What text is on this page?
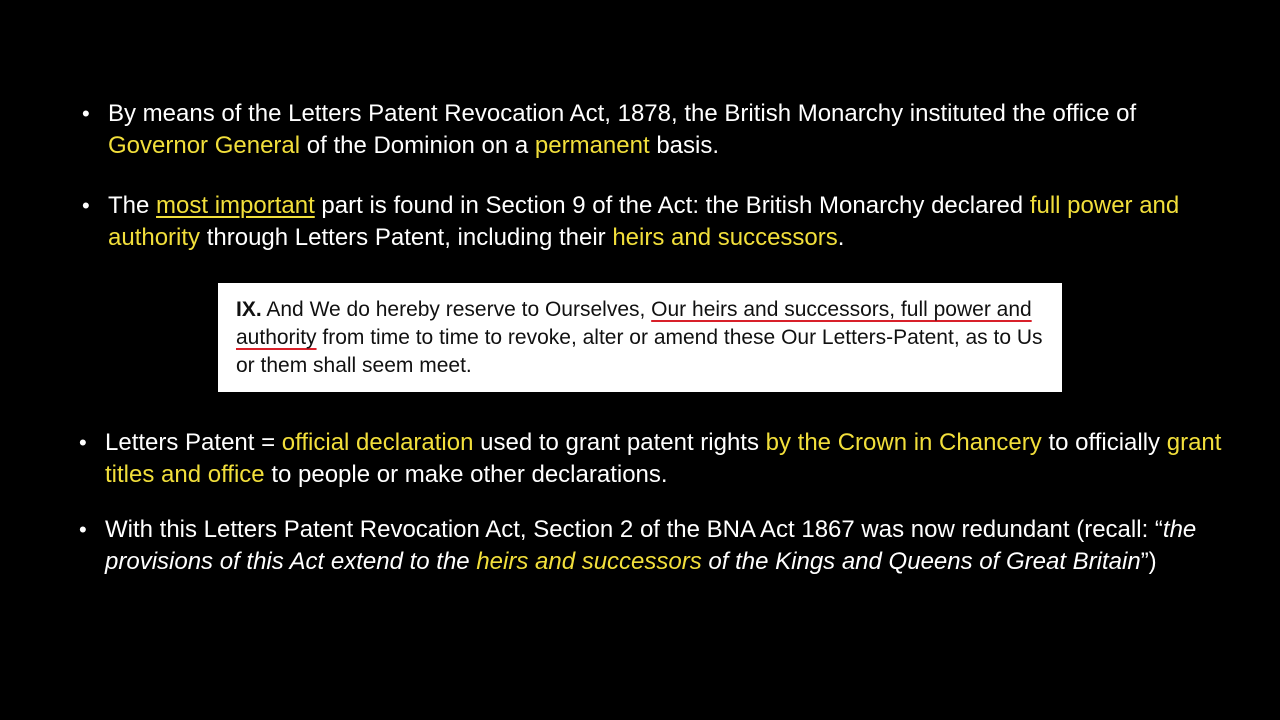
• By means of the Letters Patent Revocation Act, 1878, the British Monarchy instituted the office of Governor General of the Dominion on a permanent basis.
• The most important part is found in Section 9 of the Act: the British Monarchy declared full power and authority through Letters Patent, including their heirs and successors.
IX. And We do hereby reserve to Ourselves, Our heirs and successors, full power and authority from time to time to revoke, alter or amend these Our Letters-Patent, as to Us or them shall seem meet.
• Letters Patent = official declaration used to grant patent rights by the Crown in Chancery to officially grant titles and office to people or make other declarations.
• With this Letters Patent Revocation Act, Section 2 of the BNA Act 1867 was now redundant (recall: “the provisions of this Act extend to the heirs and successors of the Kings and Queens of Great Britain”)
